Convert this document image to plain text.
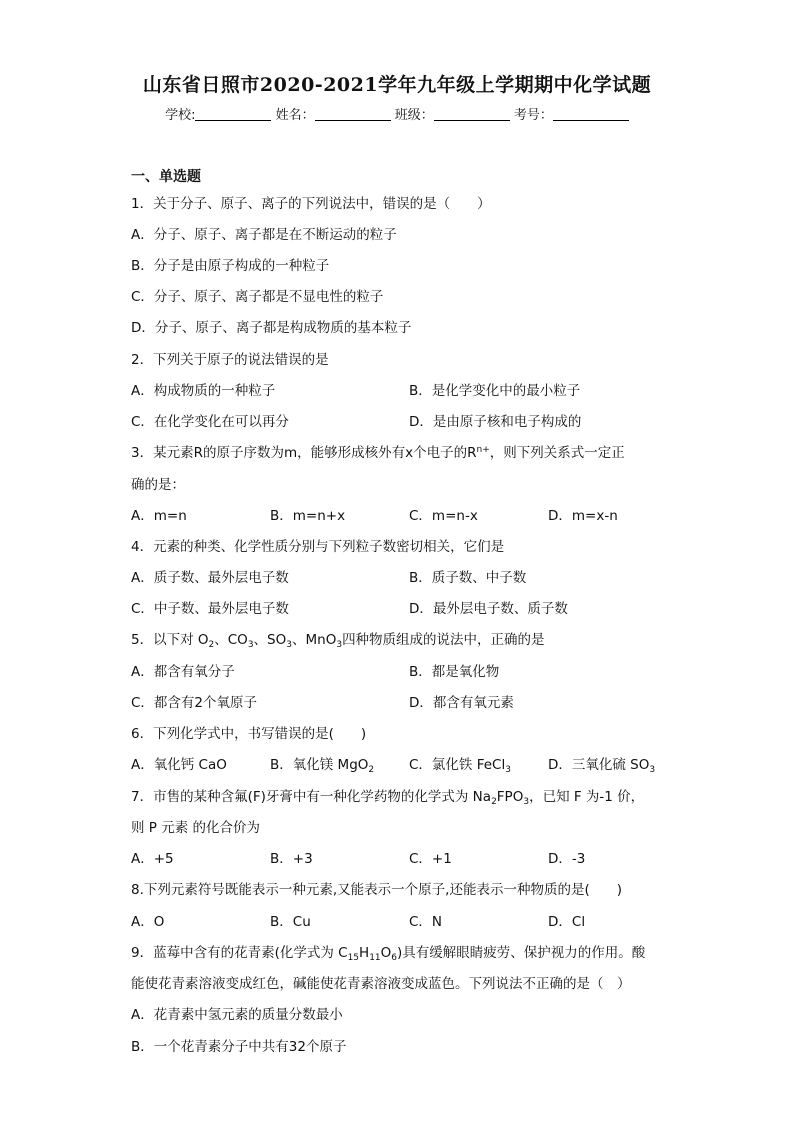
山东省日照市2020-2021学年九年级上学期期中化学试题
学校:	姓名：	班级：	考号：
一、单选题
1．关于分子、原子、离子的下列说法中，错误的是（　　）
A．分子、原子、离子都是在不断运动的粒子
B．分子是由原子构成的一种粒子
C．分子、原子、离子都是不显电性的粒子
D．分子、原子、离子都是构成物质的基本粒子
2．下列关于原子的说法错误的是
A．构成物质的一种粒子	B．是化学变化中的最小粒子
C．在化学变化在可以再分	D．是由原子核和电子构成的
3．某元素R的原子序数为m，能够形成核外有x个电子的$R^{n+}$，则下列关系式一定正
确的是：
A．m=n	B．m=n+x	C．m=n-x	D．m=x-n
4．元素的种类、化学性质分别与下列粒子数密切相关，它们是
A．质子数、最外层电子数	B．质子数、中子数
C．中子数、最外层电子数	D．最外层电子数、质子数
5．以下对 $O_2$、$CO_3$、$SO_3$、MnO$_3$四种物质组成的说法中，正确的是
A．都含有氧分子	B．都是氧化物
C．都含有2个氧原子	D．都含有氧元素
6．下列化学式中，书写错误的是(　　)
A．氧化钙 CaO	B．氧化镁 MgO$_2$	C．氯化铁 FeCl$_3$	D．三氧化硫 $SO_3$
7．市售的某种含氟(F)牙膏中有一种化学药物的化学式为 $Na_2FPO_3$，已知 F 为-1 价，
则 P 元素 的化合价为
A．+5	B．+3	C．+1	D．-3
8.下列元素符号既能表示一种元素,又能表示一个原子,还能表示一种物质的是(　　)
A．O	B．Cu	C．N	D．Cl
9．蓝莓中含有的花青素(化学式为 $C_{15}H_{11}O_6$)具有缓解眼睛疲劳、保护视力的作用。酸
能使花青素溶液变成红色，碱能使花青素溶液变成蓝色。下列说法不正确的是（　）
A．花青素中氢元素的质量分数最小
B．一个花青素分子中共有32个原子
